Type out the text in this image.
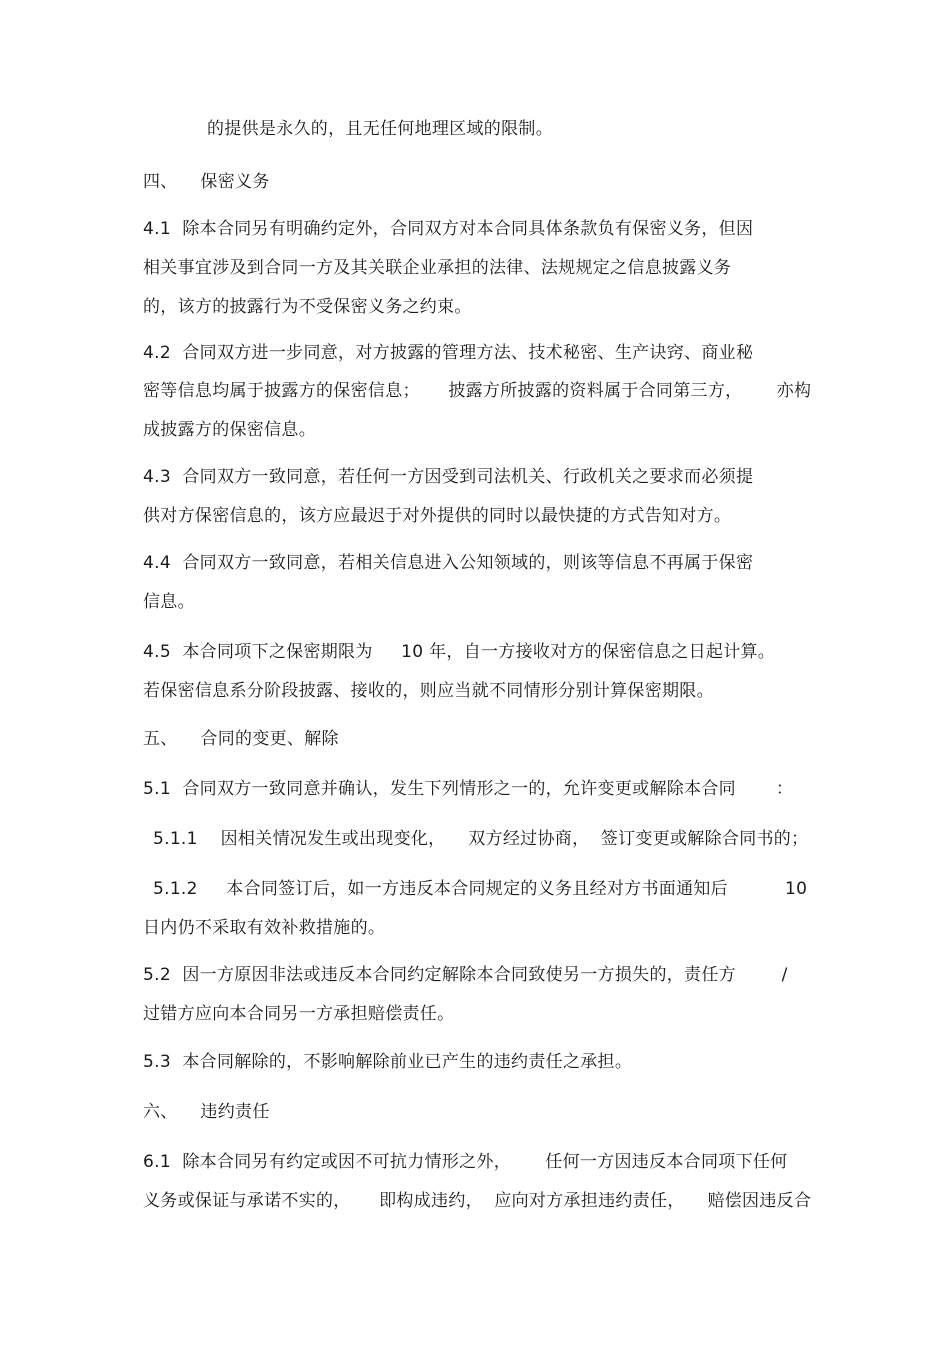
的提供是永久的，且无任何地理区域的限制。
四、    保密义务
4.1  除本合同另有明确约定外，合同双方对本合同具体条款负有保密义务，但因
相关事宜涉及到合同一方及其关联企业承担的法律、法规规定之信息披露义务
的，该方的披露行为不受保密义务之约束。
4.2  合同双方进一步同意，对方披露的管理方法、技术秘密、生产诀窍、商业秘
密等信息均属于披露方的保密信息；     披露方所披露的资料属于合同第三方，      亦构
成披露方的保密信息。
4.3  合同双方一致同意，若任何一方因受到司法机关、行政机关之要求而必须提
供对方保密信息的，该方应最迟于对外提供的同时以最快捷的方式告知对方。
4.4  合同双方一致同意，若相关信息进入公知领域的，则该等信息不再属于保密
信息。
4.5  本合同项下之保密期限为     10 年，自一方接收对方的保密信息之日起计算。
若保密信息系分阶段披露、接收的，则应当就不同情形分别计算保密期限。
五、    合同的变更、解除
5.1  合同双方一致同意并确认，发生下列情形之一的，允许变更或解除本合同       ：
5.1.1    因相关情况发生或出现变化，    双方经过协商，  签订变更或解除合同书的；
5.1.2     本合同签订后，如一方违反本合同规定的义务且经对方书面通知后          10
日内仍不采取有效补救措施的。
5.2  因一方原因非法或违反本合同约定解除本合同致使另一方损失的，责任方        /
过错方应向本合同另一方承担赔偿责任。
5.3  本合同解除的，不影响解除前业已产生的违约责任之承担。
六、    违约责任
6.1  除本合同另有约定或因不可抗力情形之外，      任何一方因违反本合同项下任何
义务或保证与承诺不实的，     即构成违约，  应向对方承担违约责任，    赔偿因违反合
